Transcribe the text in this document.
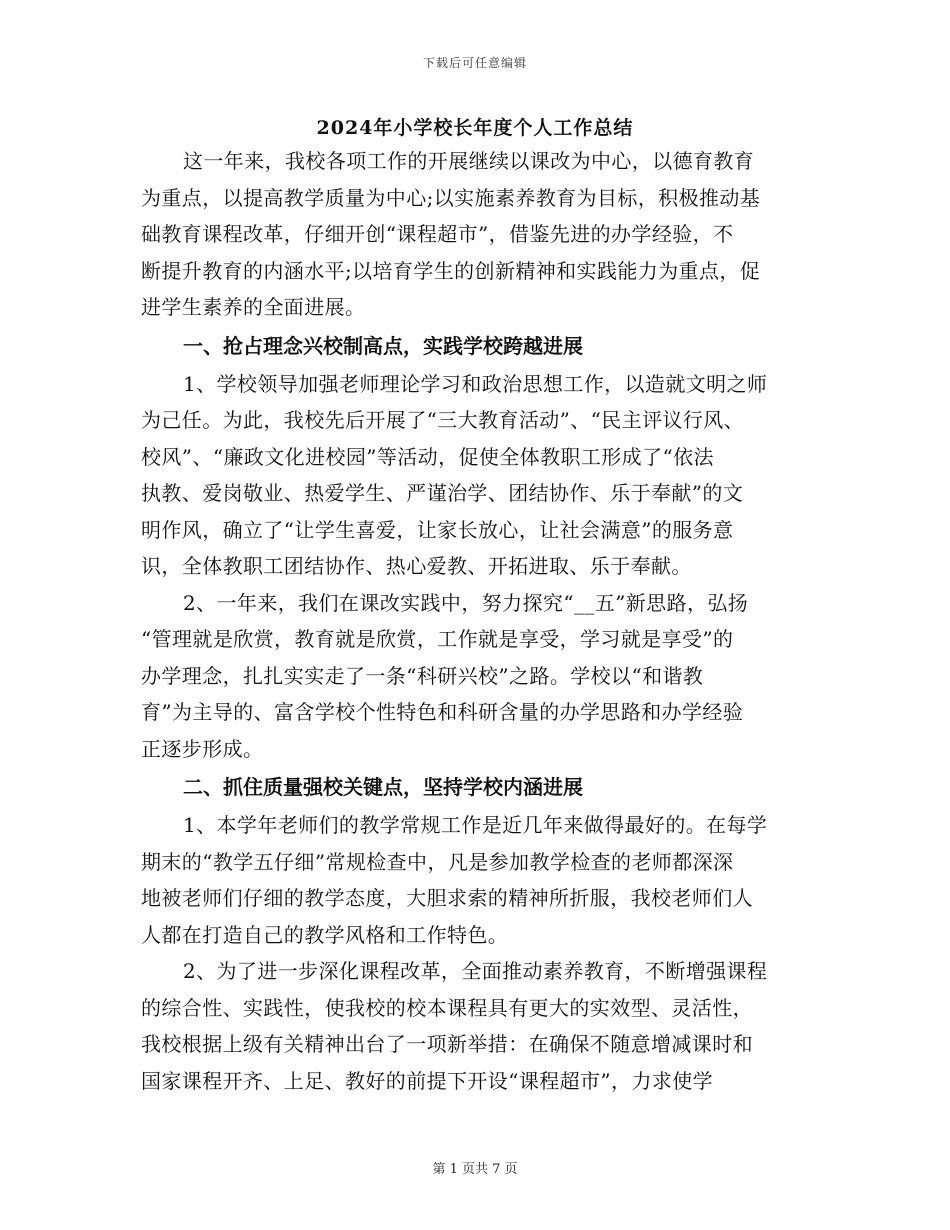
下载后可任意编辑
2024年小学校长年度个人工作总结
这一年来，我校各项工作的开展继续以课改为中心，以德育教育
为重点，以提高教学质量为中心;以实施素养教育为目标，积极推动基
础教育课程改革，仔细开创“课程超市”，借鉴先进的办学经验，不
断提升教育的内涵水平;以培育学生的创新精神和实践能力为重点，促
进学生素养的全面进展。
一、抢占理念兴校制高点，实践学校跨越进展
1、学校领导加强老师理论学习和政治思想工作，以造就文明之师
为己任。为此，我校先后开展了“三大教育活动”、“民主评议行风、
校风”、“廉政文化进校园”等活动，促使全体教职工形成了“依法
执教、爱岗敬业、热爱学生、严谨治学、团结协作、乐于奉献”的文
明作风，确立了“让学生喜爱，让家长放心，让社会满意”的服务意
识，全体教职工团结协作、热心爱教、开拓进取、乐于奉献。
2、一年来，我们在课改实践中，努力探究“__五”新思路，弘扬
“管理就是欣赏，教育就是欣赏，工作就是享受，学习就是享受”的
办学理念，扎扎实实走了一条“科研兴校”之路。学校以“和谐教
育”为主导的、富含学校个性特色和科研含量的办学思路和办学经验
正逐步形成。
二、抓住质量强校关键点，坚持学校内涵进展
1、本学年老师们的教学常规工作是近几年来做得最好的。在每学
期末的“教学五仔细”常规检查中，凡是参加教学检查的老师都深深
地被老师们仔细的教学态度，大胆求索的精神所折服，我校老师们人
人都在打造自己的教学风格和工作特色。
2、为了进一步深化课程改革，全面推动素养教育，不断增强课程
的综合性、实践性，使我校的校本课程具有更大的实效型、灵活性，
我校根据上级有关精神出台了一项新举措：在确保不随意增减课时和
国家课程开齐、上足、教好的前提下开设“课程超市”，力求使学
第 1 页共 7 页
